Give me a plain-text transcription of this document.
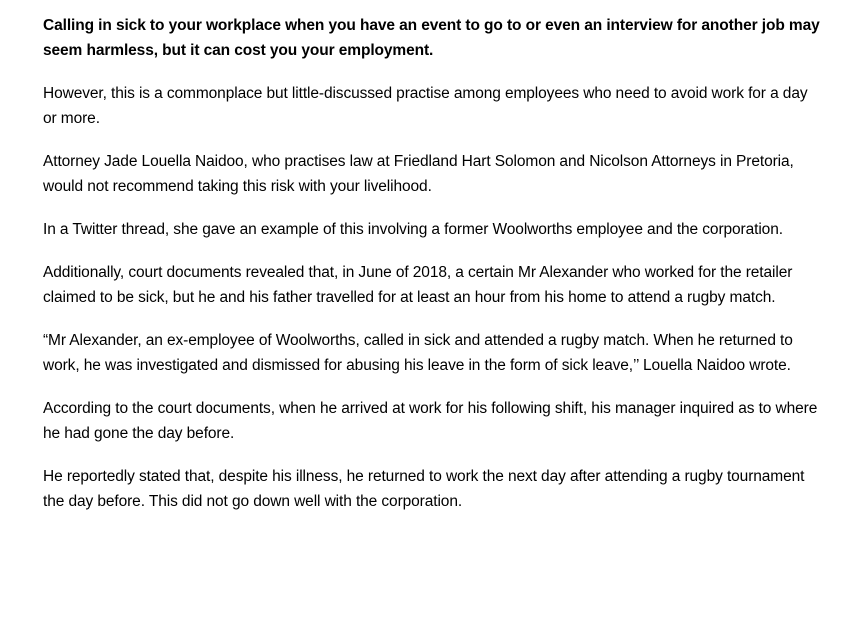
Calling in sick to your workplace when you have an event to go to or even an interview for another job may seem harmless, but it can cost you your employment.

However, this is a commonplace but little-discussed practise among employees who need to avoid work for a day or more.

Attorney Jade Louella Naidoo, who practises law at Friedland Hart Solomon and Nicolson Attorneys in Pretoria, would not recommend taking this risk with your livelihood.

In a Twitter thread, she gave an example of this involving a former Woolworths employee and the corporation.

Additionally, court documents revealed that, in June of 2018, a certain Mr Alexander who worked for the retailer claimed to be sick, but he and his father travelled for at least an hour from his home to attend a rugby match.

“Mr Alexander, an ex-employee of Woolworths, called in sick and attended a rugby match. When he returned to work, he was investigated and dismissed for abusing his leave in the form of sick leave,’’ Louella Naidoo wrote.

According to the court documents, when he arrived at work for his following shift, his manager inquired as to where he had gone the day before.

He reportedly stated that, despite his illness, he returned to work the next day after attending a rugby tournament the day before. This did not go down well with the corporation.
